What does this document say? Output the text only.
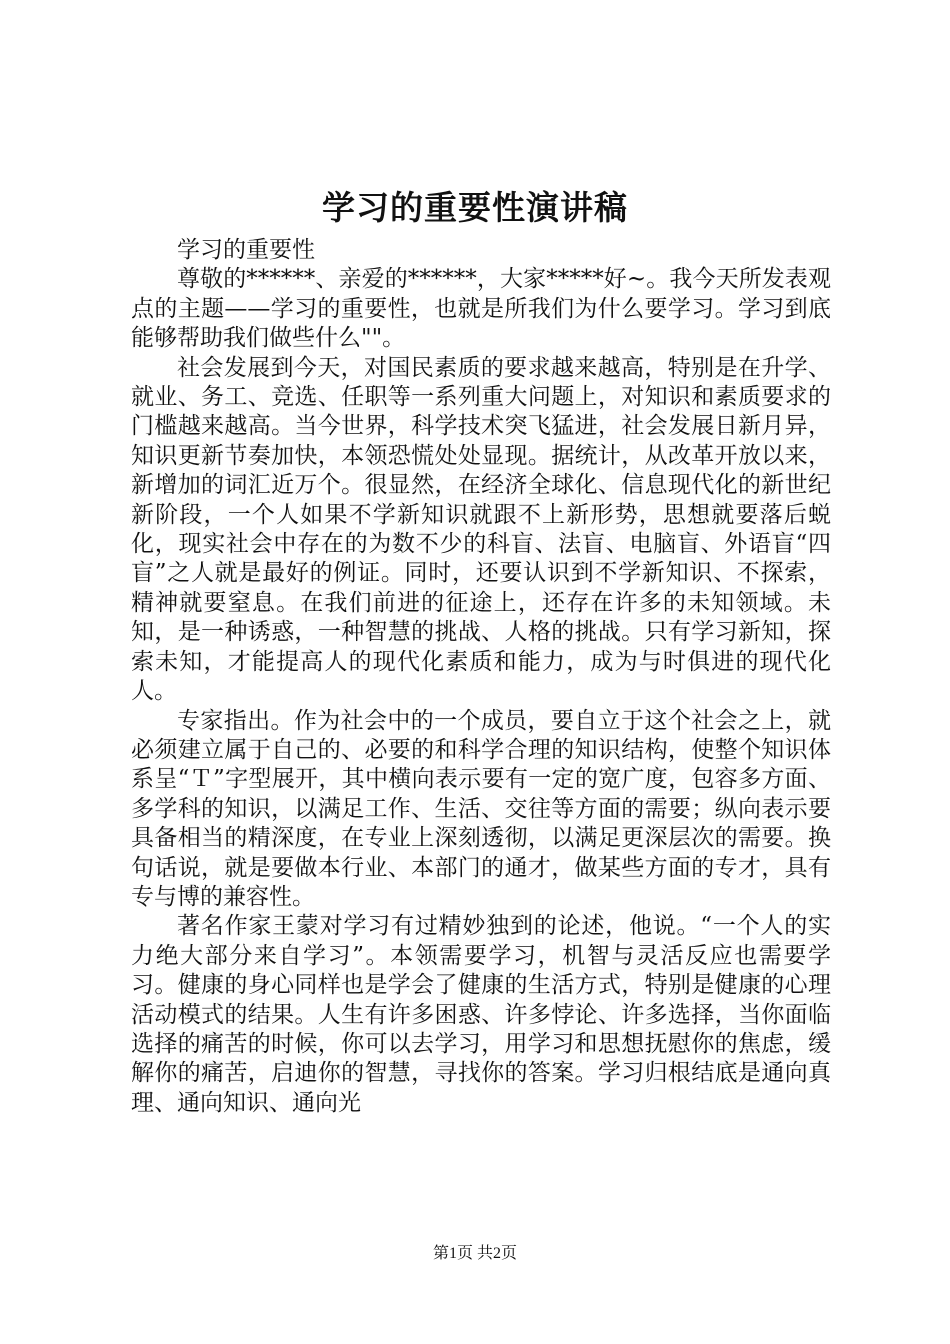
学习的重要性演讲稿

学习的重要性

尊敬的******、亲爱的******，大家*****好~。我今天所发表观点的主题——学习的重要性，也就是所我们为什么要学习。学习到底能够帮助我们做些什么""。

社会发展到今天，对国民素质的要求越来越高，特别是在升学、就业、务工、竞选、任职等一系列重大问题上，对知识和素质要求的门槛越来越高。当今世界，科学技术突飞猛进，社会发展日新月异，知识更新节奏加快，本领恐慌处处显现。据统计，从改革开放以来，新增加的词汇近万个。很显然，在经济全球化、信息现代化的新世纪新阶段，一个人如果不学新知识就跟不上新形势，思想就要落后蜕化，现实社会中存在的为数不少的科盲、法盲、电脑盲、外语盲“四盲”之人就是最好的例证。同时，还要认识到不学新知识、不探索，精神就要窒息。在我们前进的征途上，还存在许多的未知领域。未知，是一种诱惑，一种智慧的挑战、人格的挑战。只有学习新知，探索未知，才能提高人的现代化素质和能力，成为与时俱进的现代化人。

专家指出。作为社会中的一个成员，要自立于这个社会之上，就必须建立属于自己的、必要的和科学合理的知识结构，使整个知识体系呈“Ｔ”字型展开，其中横向表示要有一定的宽广度，包容多方面、多学科的知识，以满足工作、生活、交往等方面的需要；纵向表示要具备相当的精深度，在专业上深刻透彻，以满足更深层次的需要。换句话说，就是要做本行业、本部门的通才，做某些方面的专才，具有专与博的兼容性。

著名作家王蒙对学习有过精妙独到的论述，他说。“一个人的实力绝大部分来自学习”。本领需要学习，机智与灵活反应也需要学习。健康的身心同样也是学会了健康的生活方式，特别是健康的心理活动模式的结果。人生有许多困惑、许多悖论、许多选择，当你面临选择的痛苦的时候，你可以去学习，用学习和思想抚慰你的焦虑，缓解你的痛苦，启迪你的智慧，寻找你的答案。学习归根结底是通向真理、通向知识、通向光

第1页 共2页
